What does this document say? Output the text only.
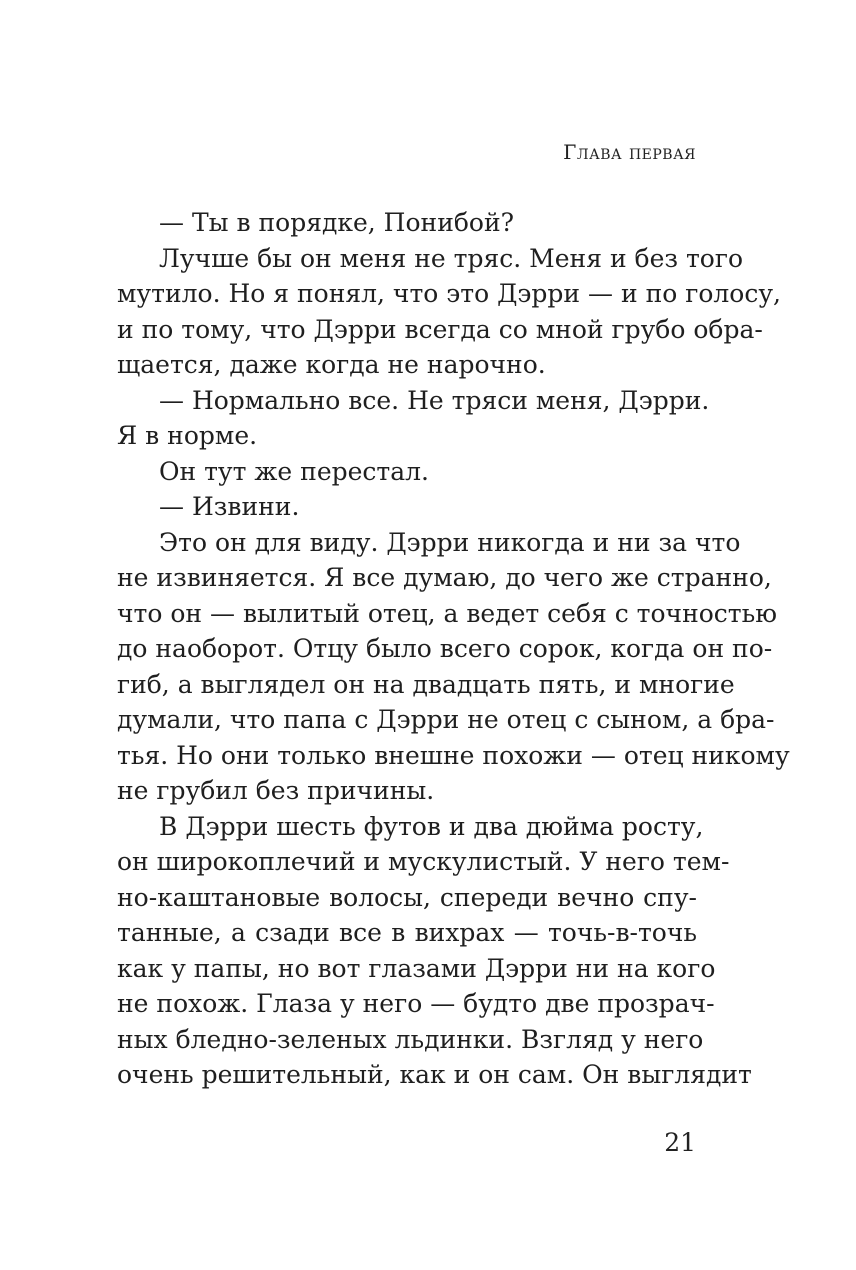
Глава первая
— Ты в порядке, Понибой?
Лучше бы он меня не тряс. Меня и без того
мутило. Но я понял, что это Дэрри — и по голосу,
и по тому, что Дэрри всегда со мной грубо обра-
щается, даже когда не нарочно.
— Нормально все. Не тряси меня, Дэрри.
Я в норме.
Он тут же перестал.
— Извини.
Это он для виду. Дэрри никогда и ни за что
не извиняется. Я все думаю, до чего же странно,
что он — вылитый отец, а ведет себя с точностью
до наоборот. Отцу было всего сорок, когда он по-
гиб, а выглядел он на двадцать пять, и многие
думали, что папа с Дэрри не отец с сыном, а бра-
тья. Но они только внешне похожи — отец никому
не грубил без причины.
В Дэрри шесть футов и два дюйма росту,
он широкоплечий и мускулистый. У него тем-
но-каштановые волосы, спереди вечно спу-
танные, а сзади все в вихрах — точь-в-точь
как у папы, но вот глазами Дэрри ни на кого
не похож. Глаза у него — будто две прозрач-
ных бледно-зеленых льдинки. Взгляд у него
очень решительный, как и он сам. Он выглядит
21
